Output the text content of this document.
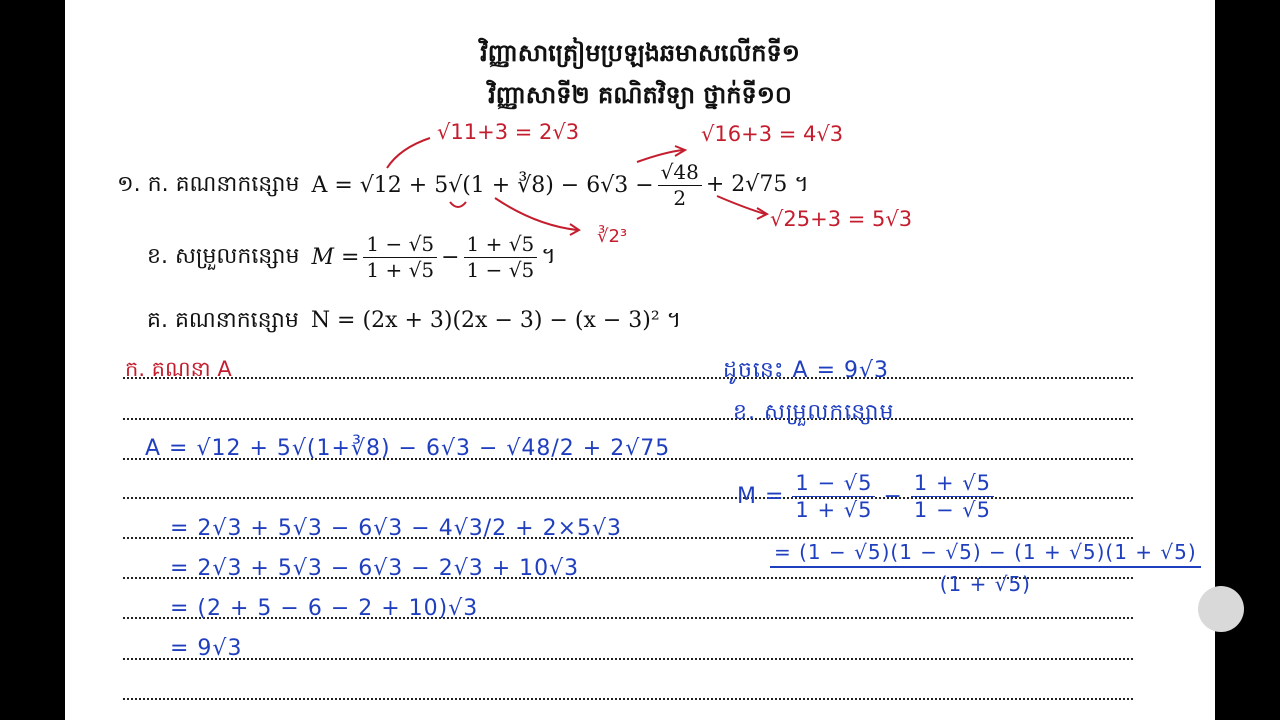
វិញ្ញាសាត្រៀមប្រឡងឆមាសលើកទី១
វិញ្ញាសាទី២ គណិតវិទ្យា ថ្នាក់ទី១០
១. ក. គណនាកន្សោម A = √12 + 5√(1 + ∛8) − $6√3 - \frac{√48}{2} + 2√75$ ។
ខ. សម្រួលកន្សោម $M = \frac{1 - √5}{1 + √5} - \frac{1 + √5}{1 - √5}$ ។
គ. គណនាកន្សោម N = (2x + 3)(2x − 3) − (x − 3)² ។
√11+3 = 2√3	√16+3 = 4√3
√25+3 = 5√3
∛2³
ក. គណនា A
A = √12 + 5√(1+∛8) − 6√3 − √48/2 + 2√75
= 2√3 + 5√3 − 6√3 − 4√3/2 + 2×5√3
= 2√3 + 5√3 − 6√3 − 2√3 + 10√3
= (2 + 5 − 6 − 2 + 10)√3
= 9√3
ដូចនេះ A = 9√3
ខ. សម្រួលកន្សោម
$M = \frac{1 - √5}{1 + √5} - \frac{1 + √5}{1 - √5}$
$\frac{= (1 - √5)(1 - √5) - (1 + √5)(1 + √5)}{(1 + √5)}$
